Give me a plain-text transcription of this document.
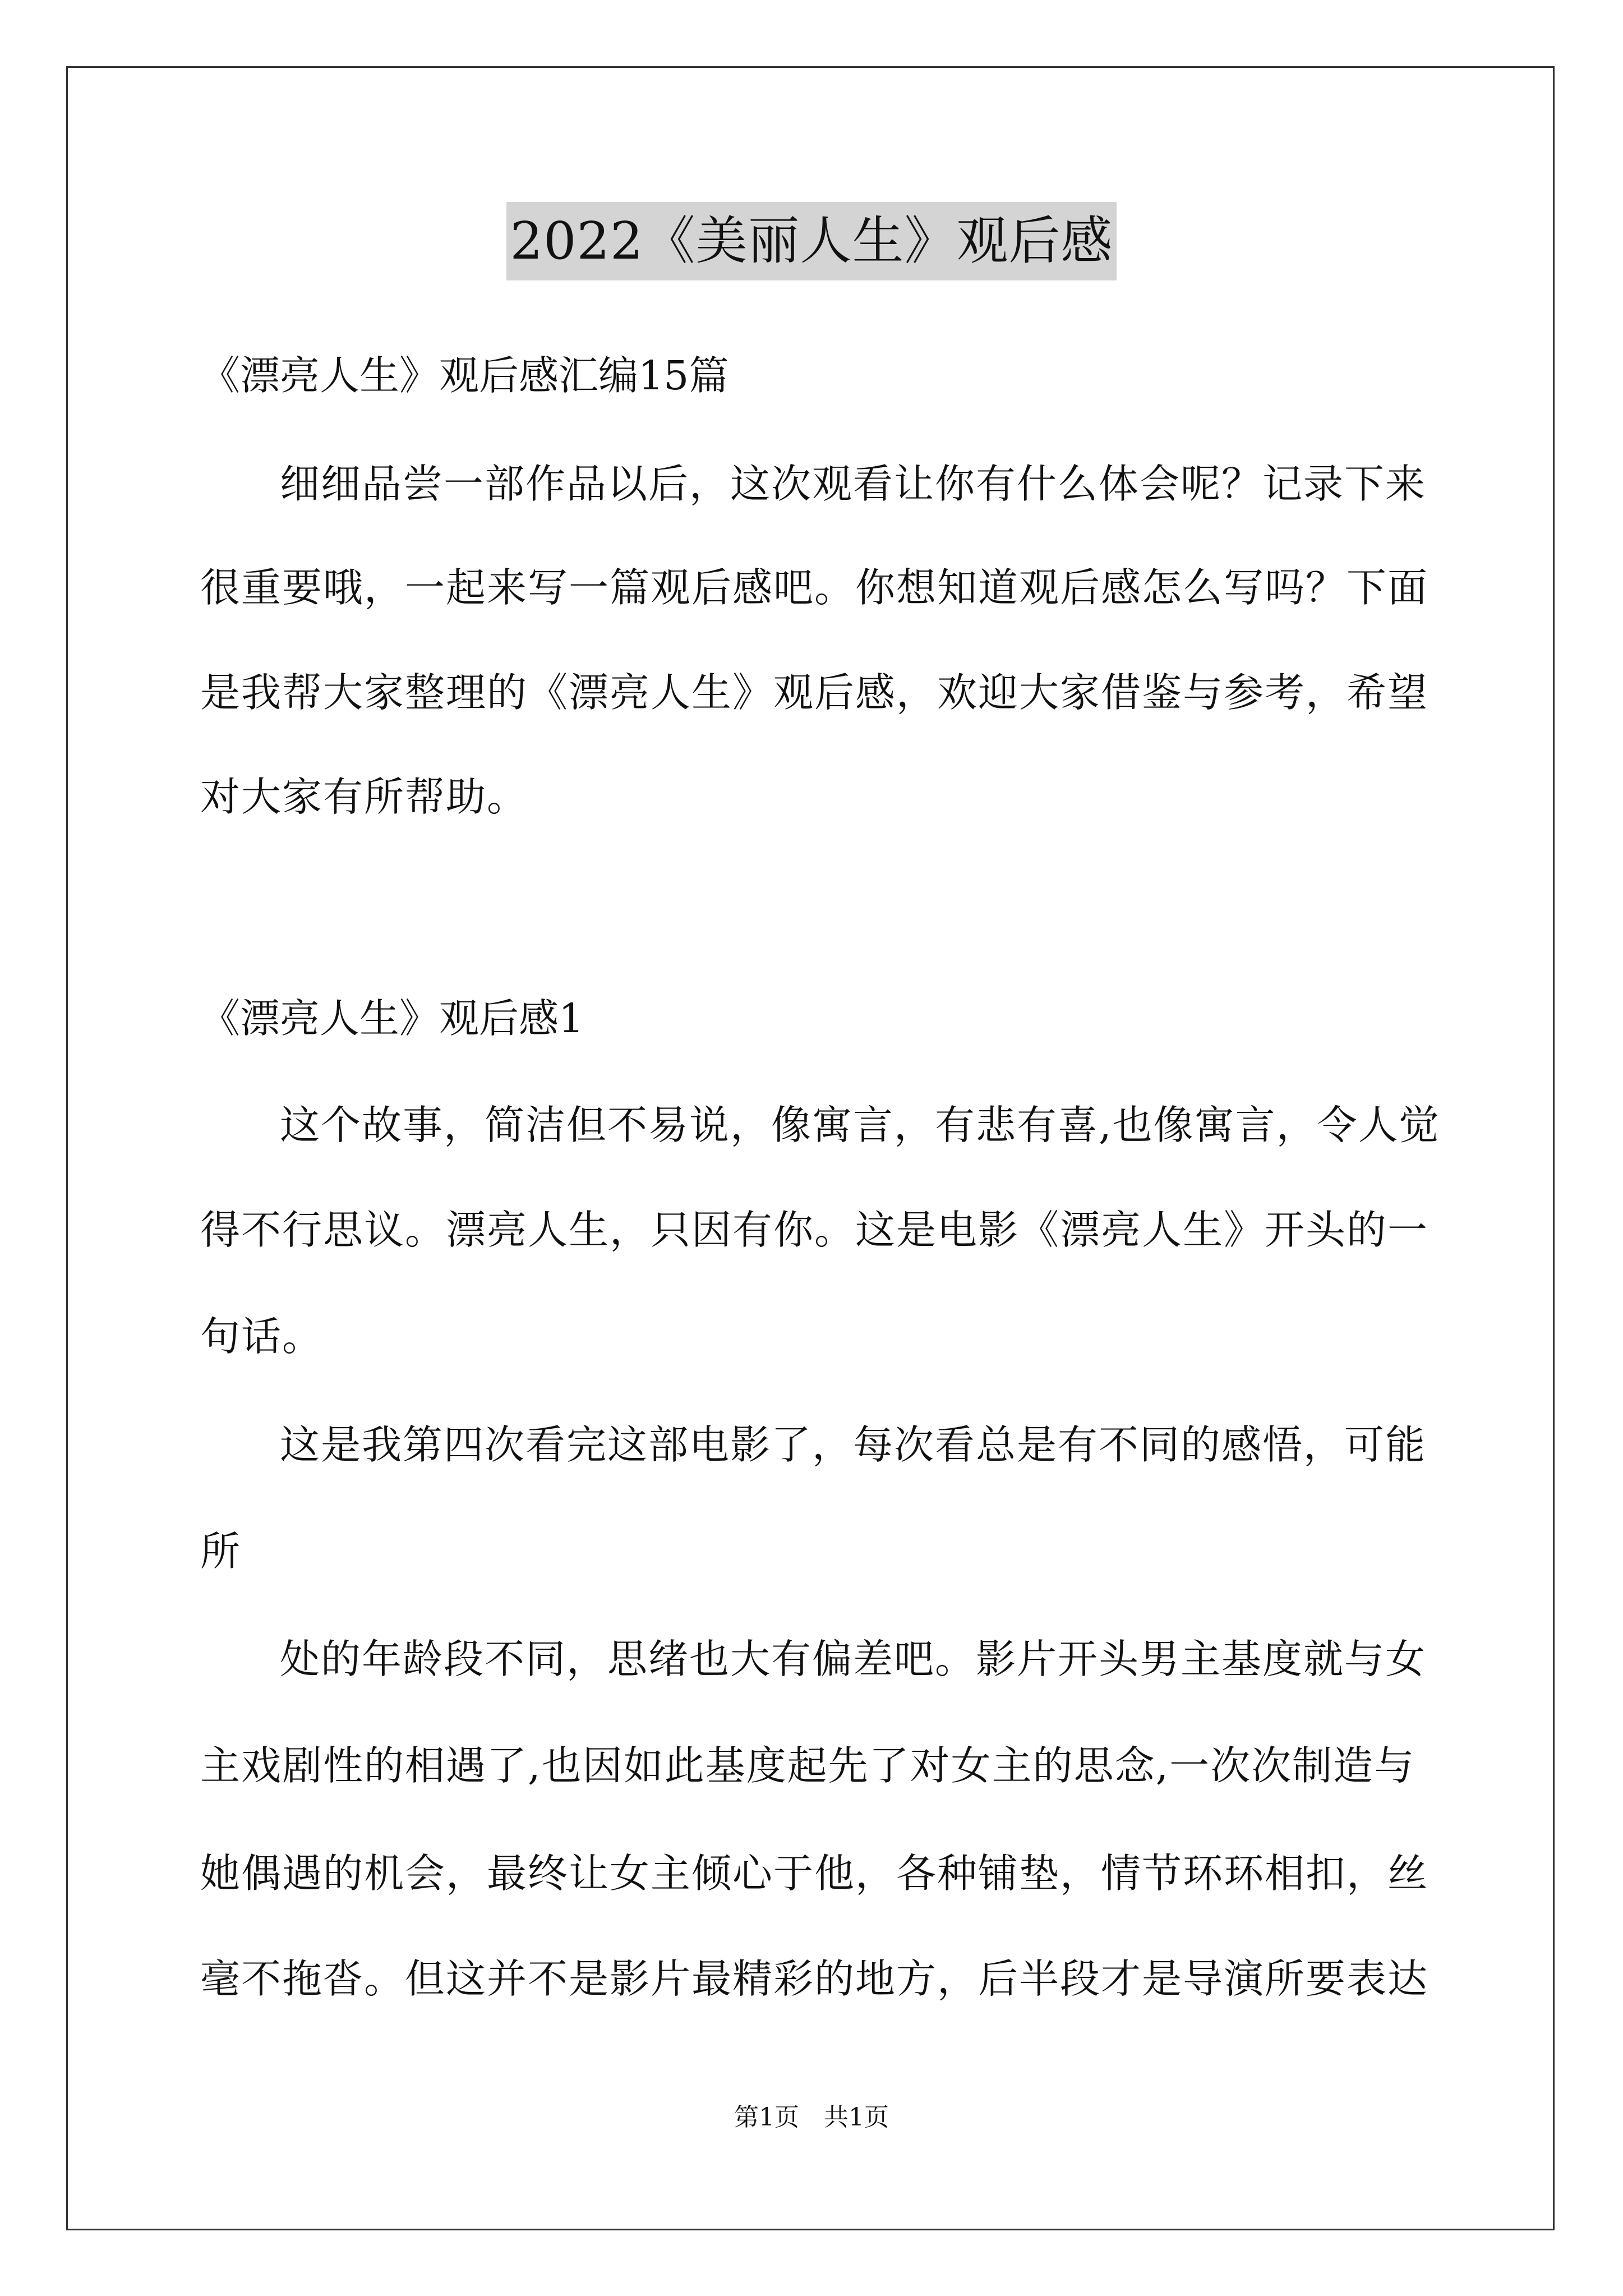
2022《美丽人生》观后感
《漂亮人生》观后感汇编15篇
细细品尝一部作品以后，这次观看让你有什么体会呢？记录下来
很重要哦，一起来写一篇观后感吧。你想知道观后感怎么写吗？下面
是我帮大家整理的《漂亮人生》观后感，欢迎大家借鉴与参考，希望
对大家有所帮助。
《漂亮人生》观后感1
这个故事，简洁但不易说，像寓言，有悲有喜,也像寓言，令人觉
得不行思议。漂亮人生，只因有你。这是电影《漂亮人生》开头的一
句话。
这是我第四次看完这部电影了，每次看总是有不同的感悟，可能
所
处的年龄段不同，思绪也大有偏差吧。影片开头男主基度就与女
主戏剧性的相遇了,也因如此基度起先了对女主的思念,一次次制造与
她偶遇的机会，最终让女主倾心于他，各种铺垫，情节环环相扣，丝
毫不拖沓。但这并不是影片最精彩的地方，后半段才是导演所要表达
第1页　共1页
